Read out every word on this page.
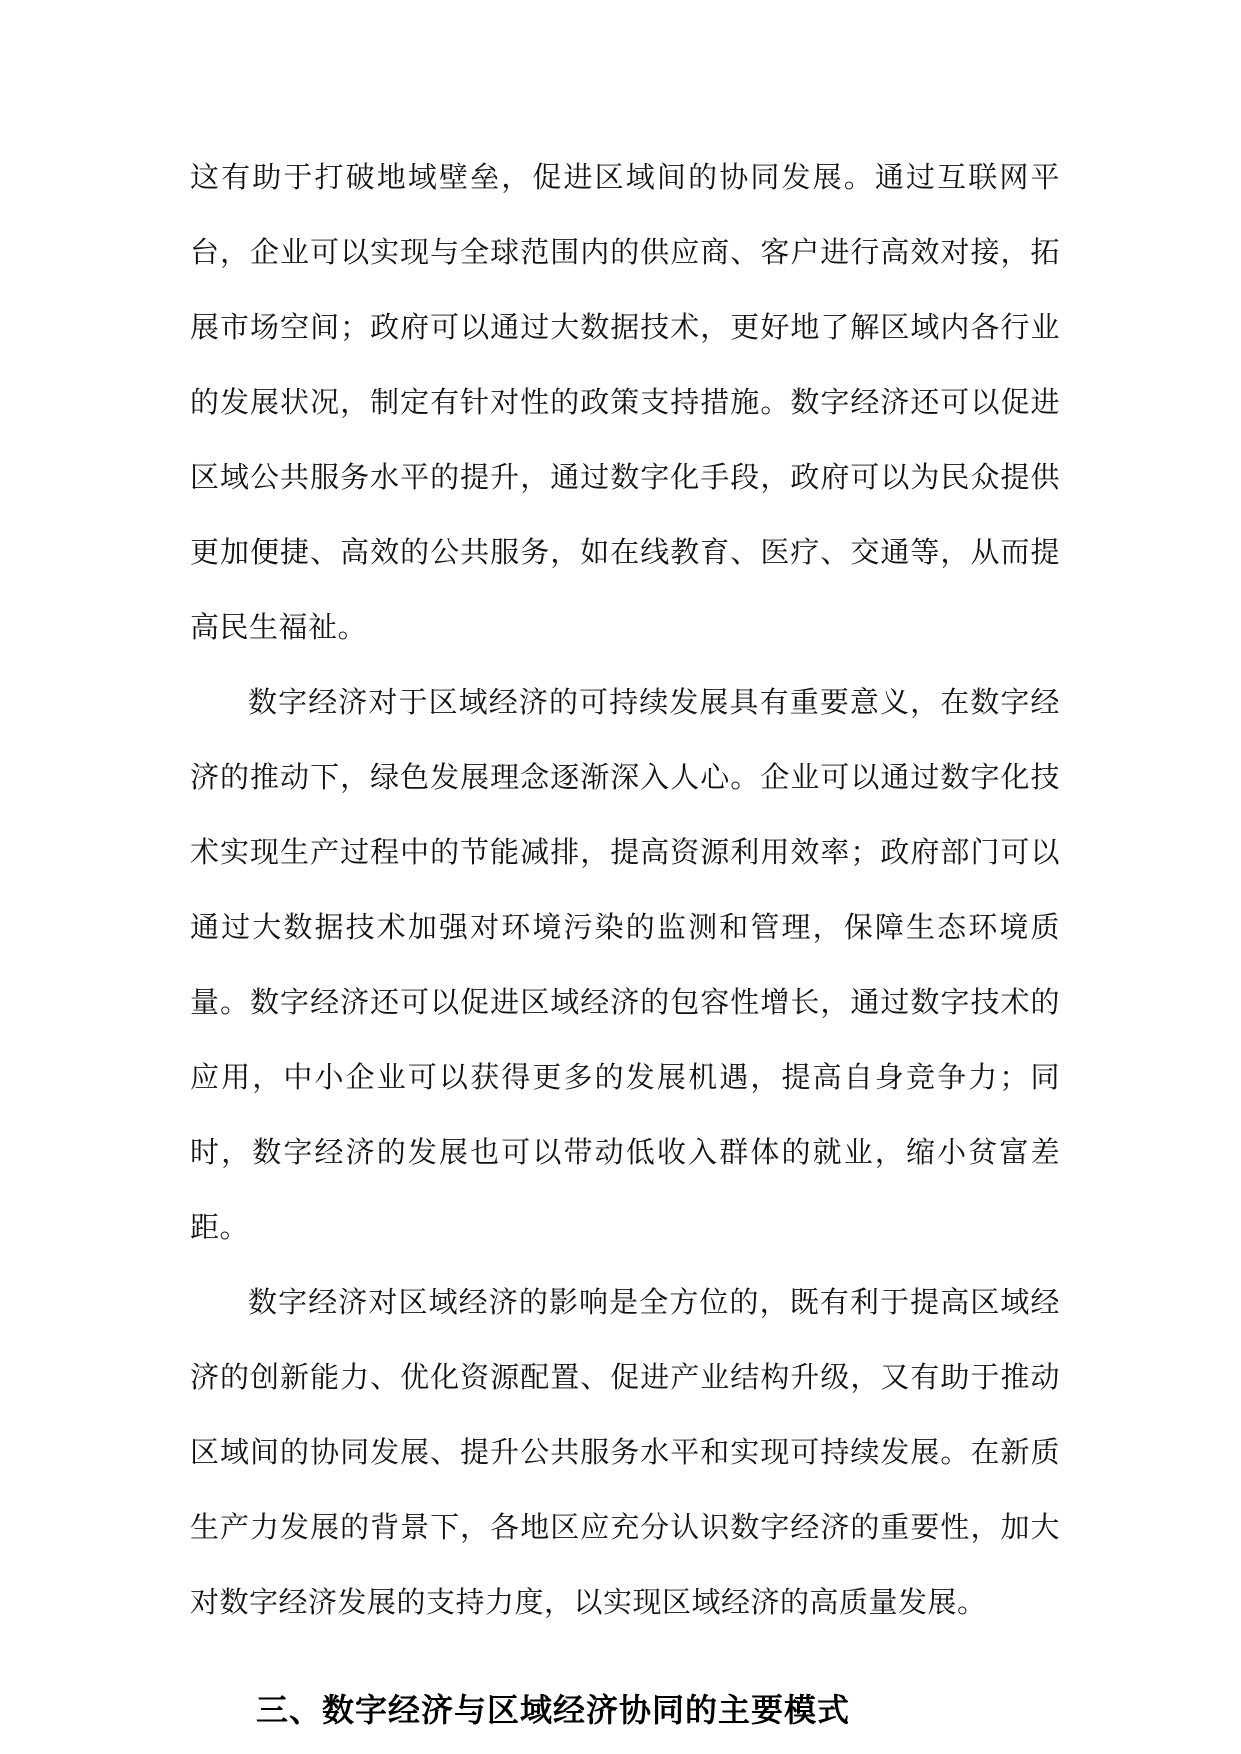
这有助于打破地域壁垒，促进区域间的协同发展。通过互联网平台，企业可以实现与全球范围内的供应商、客户进行高效对接，拓展市场空间；政府可以通过大数据技术，更好地了解区域内各行业的发展状况，制定有针对性的政策支持措施。数字经济还可以促进区域公共服务水平的提升，通过数字化手段，政府可以为民众提供更加便捷、高效的公共服务，如在线教育、医疗、交通等，从而提高民生福祉。

数字经济对于区域经济的可持续发展具有重要意义，在数字经济的推动下，绿色发展理念逐渐深入人心。企业可以通过数字化技术实现生产过程中的节能减排，提高资源利用效率；政府部门可以通过大数据技术加强对环境污染的监测和管理，保障生态环境质量。数字经济还可以促进区域经济的包容性增长，通过数字技术的应用，中小企业可以获得更多的发展机遇，提高自身竞争力；同时，数字经济的发展也可以带动低收入群体的就业，缩小贫富差距。

数字经济对区域经济的影响是全方位的，既有利于提高区域经济的创新能力、优化资源配置、促进产业结构升级，又有助于推动区域间的协同发展、提升公共服务水平和实现可持续发展。在新质生产力发展的背景下，各地区应充分认识数字经济的重要性，加大对数字经济发展的支持力度，以实现区域经济的高质量发展。

三、数字经济与区域经济协同的主要模式
